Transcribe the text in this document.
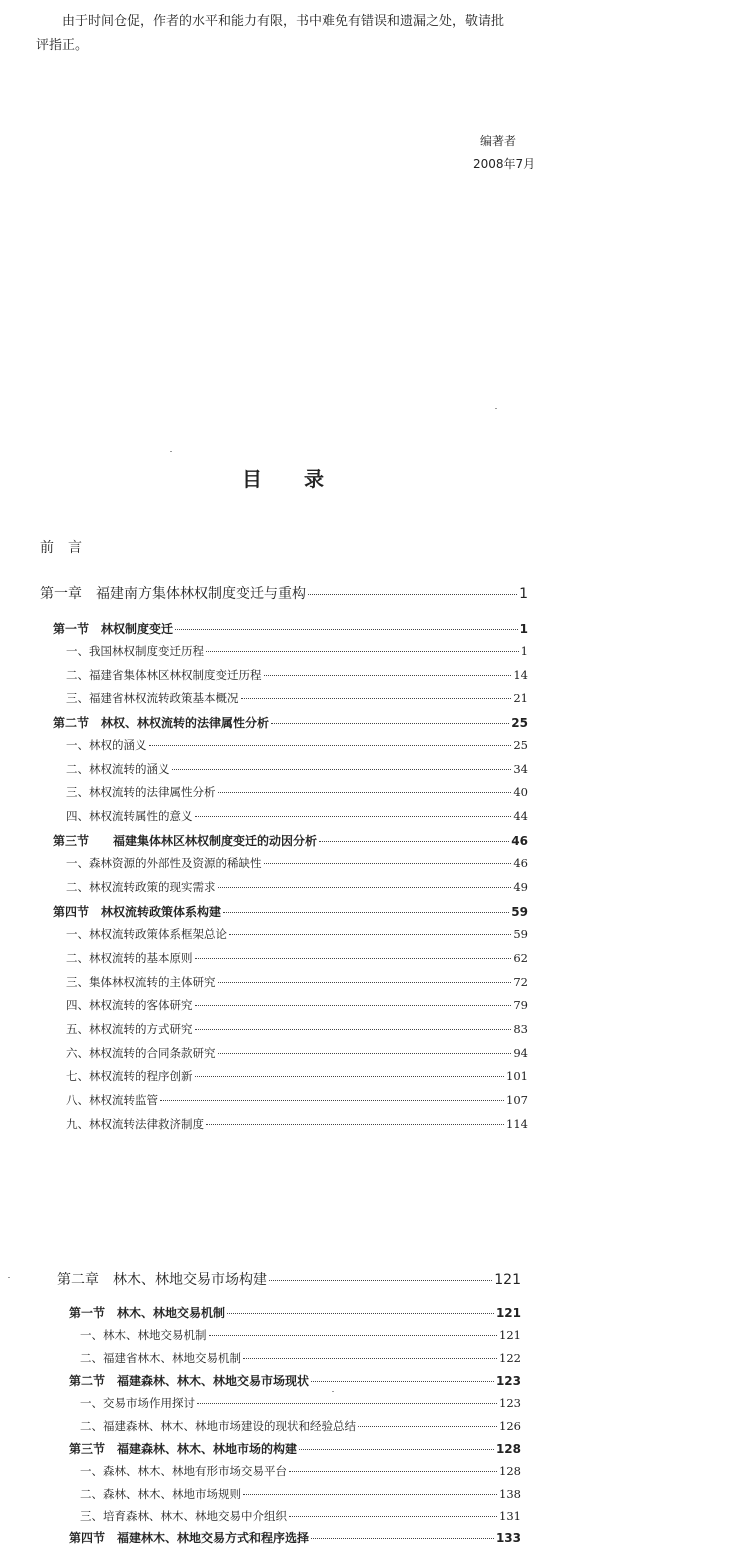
由于时间仓促，作者的水平和能力有限，书中难免有错误和遗漏之处，敬请批
评指正。
编著者
2008年7月
目录
前　言
第一章　福建南方集体林权制度变迁与重构	1
第一节　林权制度变迁	1
一、我国林权制度变迁历程	1
二、福建省集体林区林权制度变迁历程	14
三、福建省林权流转政策基本概况	21
第二节　林权、林权流转的法律属性分析	25
一、林权的涵义	25
二、林权流转的涵义	34
三、林权流转的法律属性分析	40
四、林权流转属性的意义	44
第三节　　福建集体林区林权制度变迁的动因分析	46
一、森林资源的外部性及资源的稀缺性	46
二、林权流转政策的现实需求	49
第四节　林权流转政策体系构建	59
一、林权流转政策体系框架总论	59
二、林权流转的基本原则	62
三、集体林权流转的主体研究	72
四、林权流转的客体研究	79
五、林权流转的方式研究	83
六、林权流转的合同条款研究	94
七、林权流转的程序创新	101
八、林权流转监管	107
九、林权流转法律救济制度	114
第二章　林木、林地交易市场构建	121
第一节　林木、林地交易机制	121
一、林木、林地交易机制	121
二、福建省林木、林地交易机制	122
第二节　福建森林、林木、林地交易市场现状	123
一、交易市场作用探讨	123
二、福建森林、林木、林地市场建设的现状和经验总结	126
第三节　福建森林、林木、林地市场的构建	128
一、森林、林木、林地有形市场交易平台	128
二、森林、林木、林地市场规则	138
三、培育森林、林木、林地交易中介组织	131
第四节　福建林木、林地交易方式和程序选择	133
